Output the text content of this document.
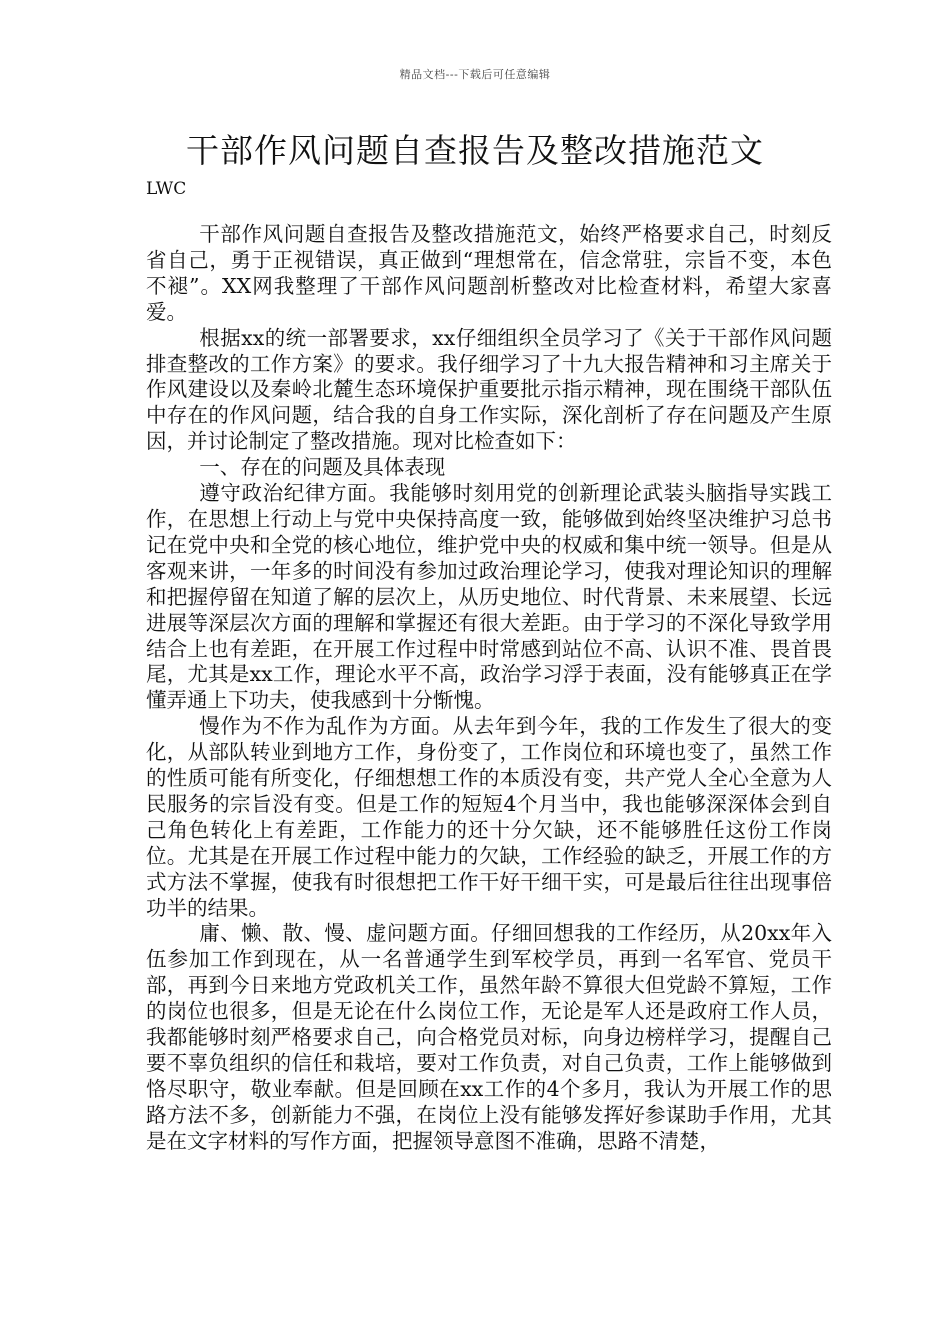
精品文档---下载后可任意编辑
干部作风问题自查报告及整改措施范文
LWC

干部作风问题自查报告及整改措施范文，始终严格要求自己，时刻反省自己，勇于正视错误，真正做到“理想常在，信念常驻，宗旨不变，本色不褪”。XX网我整理了干部作风问题剖析整改对比检查材料，希望大家喜爱。

根据xx的统一部署要求，xx仔细组织全员学习了《关于干部作风问题排查整改的工作方案》的要求。我仔细学习了十九大报告精神和习主席关于作风建设以及秦岭北麓生态环境保护重要批示指示精神，现在围绕干部队伍中存在的作风问题，结合我的自身工作实际，深化剖析了存在问题及产生原因，并讨论制定了整改措施。现对比检查如下：

一、存在的问题及具体表现

遵守政治纪律方面。我能够时刻用党的创新理论武装头脑指导实践工作，在思想上行动上与党中央保持高度一致，能够做到始终坚决维护习总书记在党中央和全党的核心地位，维护党中央的权威和集中统一领导。但是从客观来讲，一年多的时间没有参加过政治理论学习，使我对理论知识的理解和把握停留在知道了解的层次上，从历史地位、时代背景、未来展望、长远进展等深层次方面的理解和掌握还有很大差距。由于学习的不深化导致学用结合上也有差距，在开展工作过程中时常感到站位不高、认识不准、畏首畏尾，尤其是xx工作，理论水平不高，政治学习浮于表面，没有能够真正在学懂弄通上下功夫，使我感到十分惭愧。

慢作为不作为乱作为方面。从去年到今年，我的工作发生了很大的变化，从部队转业到地方工作，身份变了，工作岗位和环境也变了，虽然工作的性质可能有所变化，仔细想想工作的本质没有变，共产党人全心全意为人民服务的宗旨没有变。但是工作的短短4个月当中，我也能够深深体会到自己角色转化上有差距，工作能力的还十分欠缺，还不能够胜任这份工作岗位。尤其是在开展工作过程中能力的欠缺，工作经验的缺乏，开展工作的方式方法不掌握，使我有时很想把工作干好干细干实，可是最后往往出现事倍功半的结果。

庸、懒、散、慢、虚问题方面。仔细回想我的工作经历，从20xx年入伍参加工作到现在，从一名普通学生到军校学员，再到一名军官、党员干部，再到今日来地方党政机关工作，虽然年龄不算很大但党龄不算短，工作的岗位也很多，但是无论在什么岗位工作，无论是军人还是政府工作人员，我都能够时刻严格要求自己，向合格党员对标，向身边榜样学习，提醒自己要不辜负组织的信任和栽培，要对工作负责，对自己负责，工作上能够做到恪尽职守，敬业奉献。但是回顾在xx工作的4个多月，我认为开展工作的思路方法不多，创新能力不强，在岗位上没有能够发挥好参谋助手作用，尤其是在文字材料的写作方面，把握领导意图不准确，思路不清楚，
